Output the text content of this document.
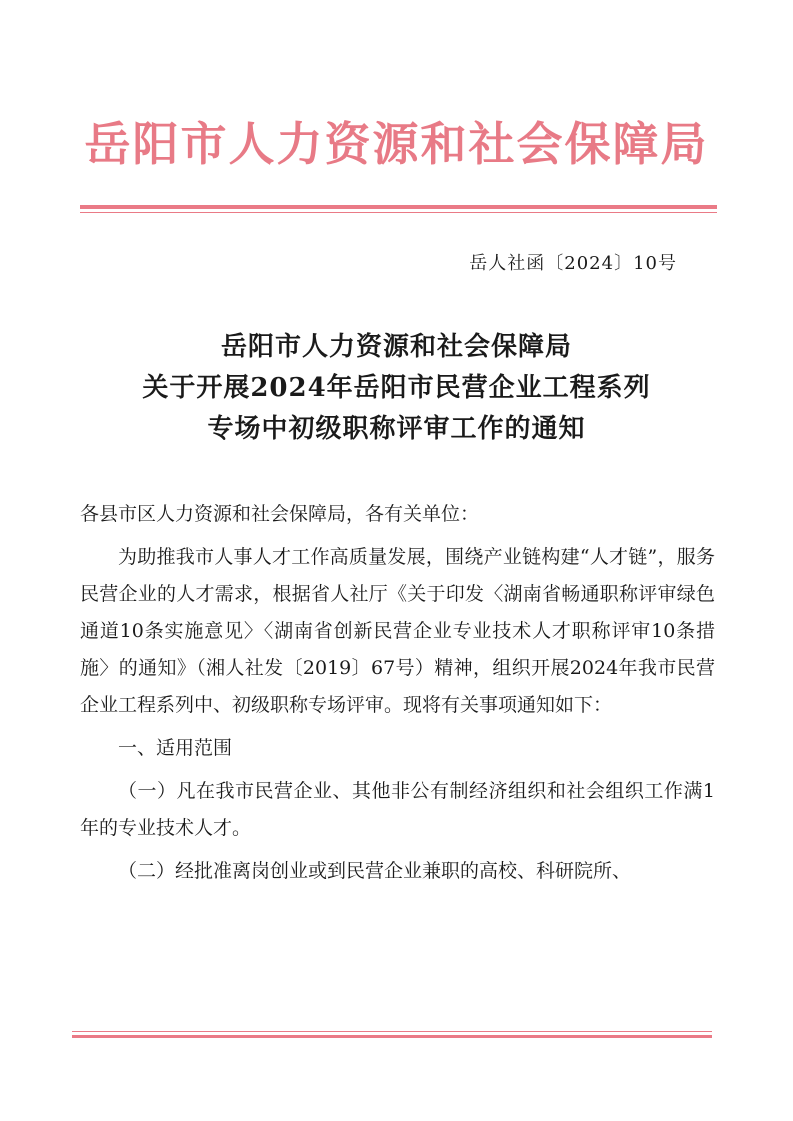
岳阳市人力资源和社会保障局
岳人社函〔2024〕10号
岳阳市人力资源和社会保障局
关于开展2024年岳阳市民营企业工程系列
专场中初级职称评审工作的通知

各县市区人力资源和社会保障局，各有关单位：

为助推我市人事人才工作高质量发展，围绕产业链构建“人才链”，服务民营企业的人才需求，根据省人社厅《关于印发〈湖南省畅通职称评审绿色通道10条实施意见〉〈湖南省创新民营企业专业技术人才职称评审10条措施〉的通知》（湘人社发〔2019〕67号）精神，组织开展2024年我市民营企业工程系列中、初级职称专场评审。现将有关事项通知如下：

一、适用范围

（一）凡在我市民营企业、其他非公有制经济组织和社会组织工作满1年的专业技术人才。

（二）经批准离岗创业或到民营企业兼职的高校、科研院所、
